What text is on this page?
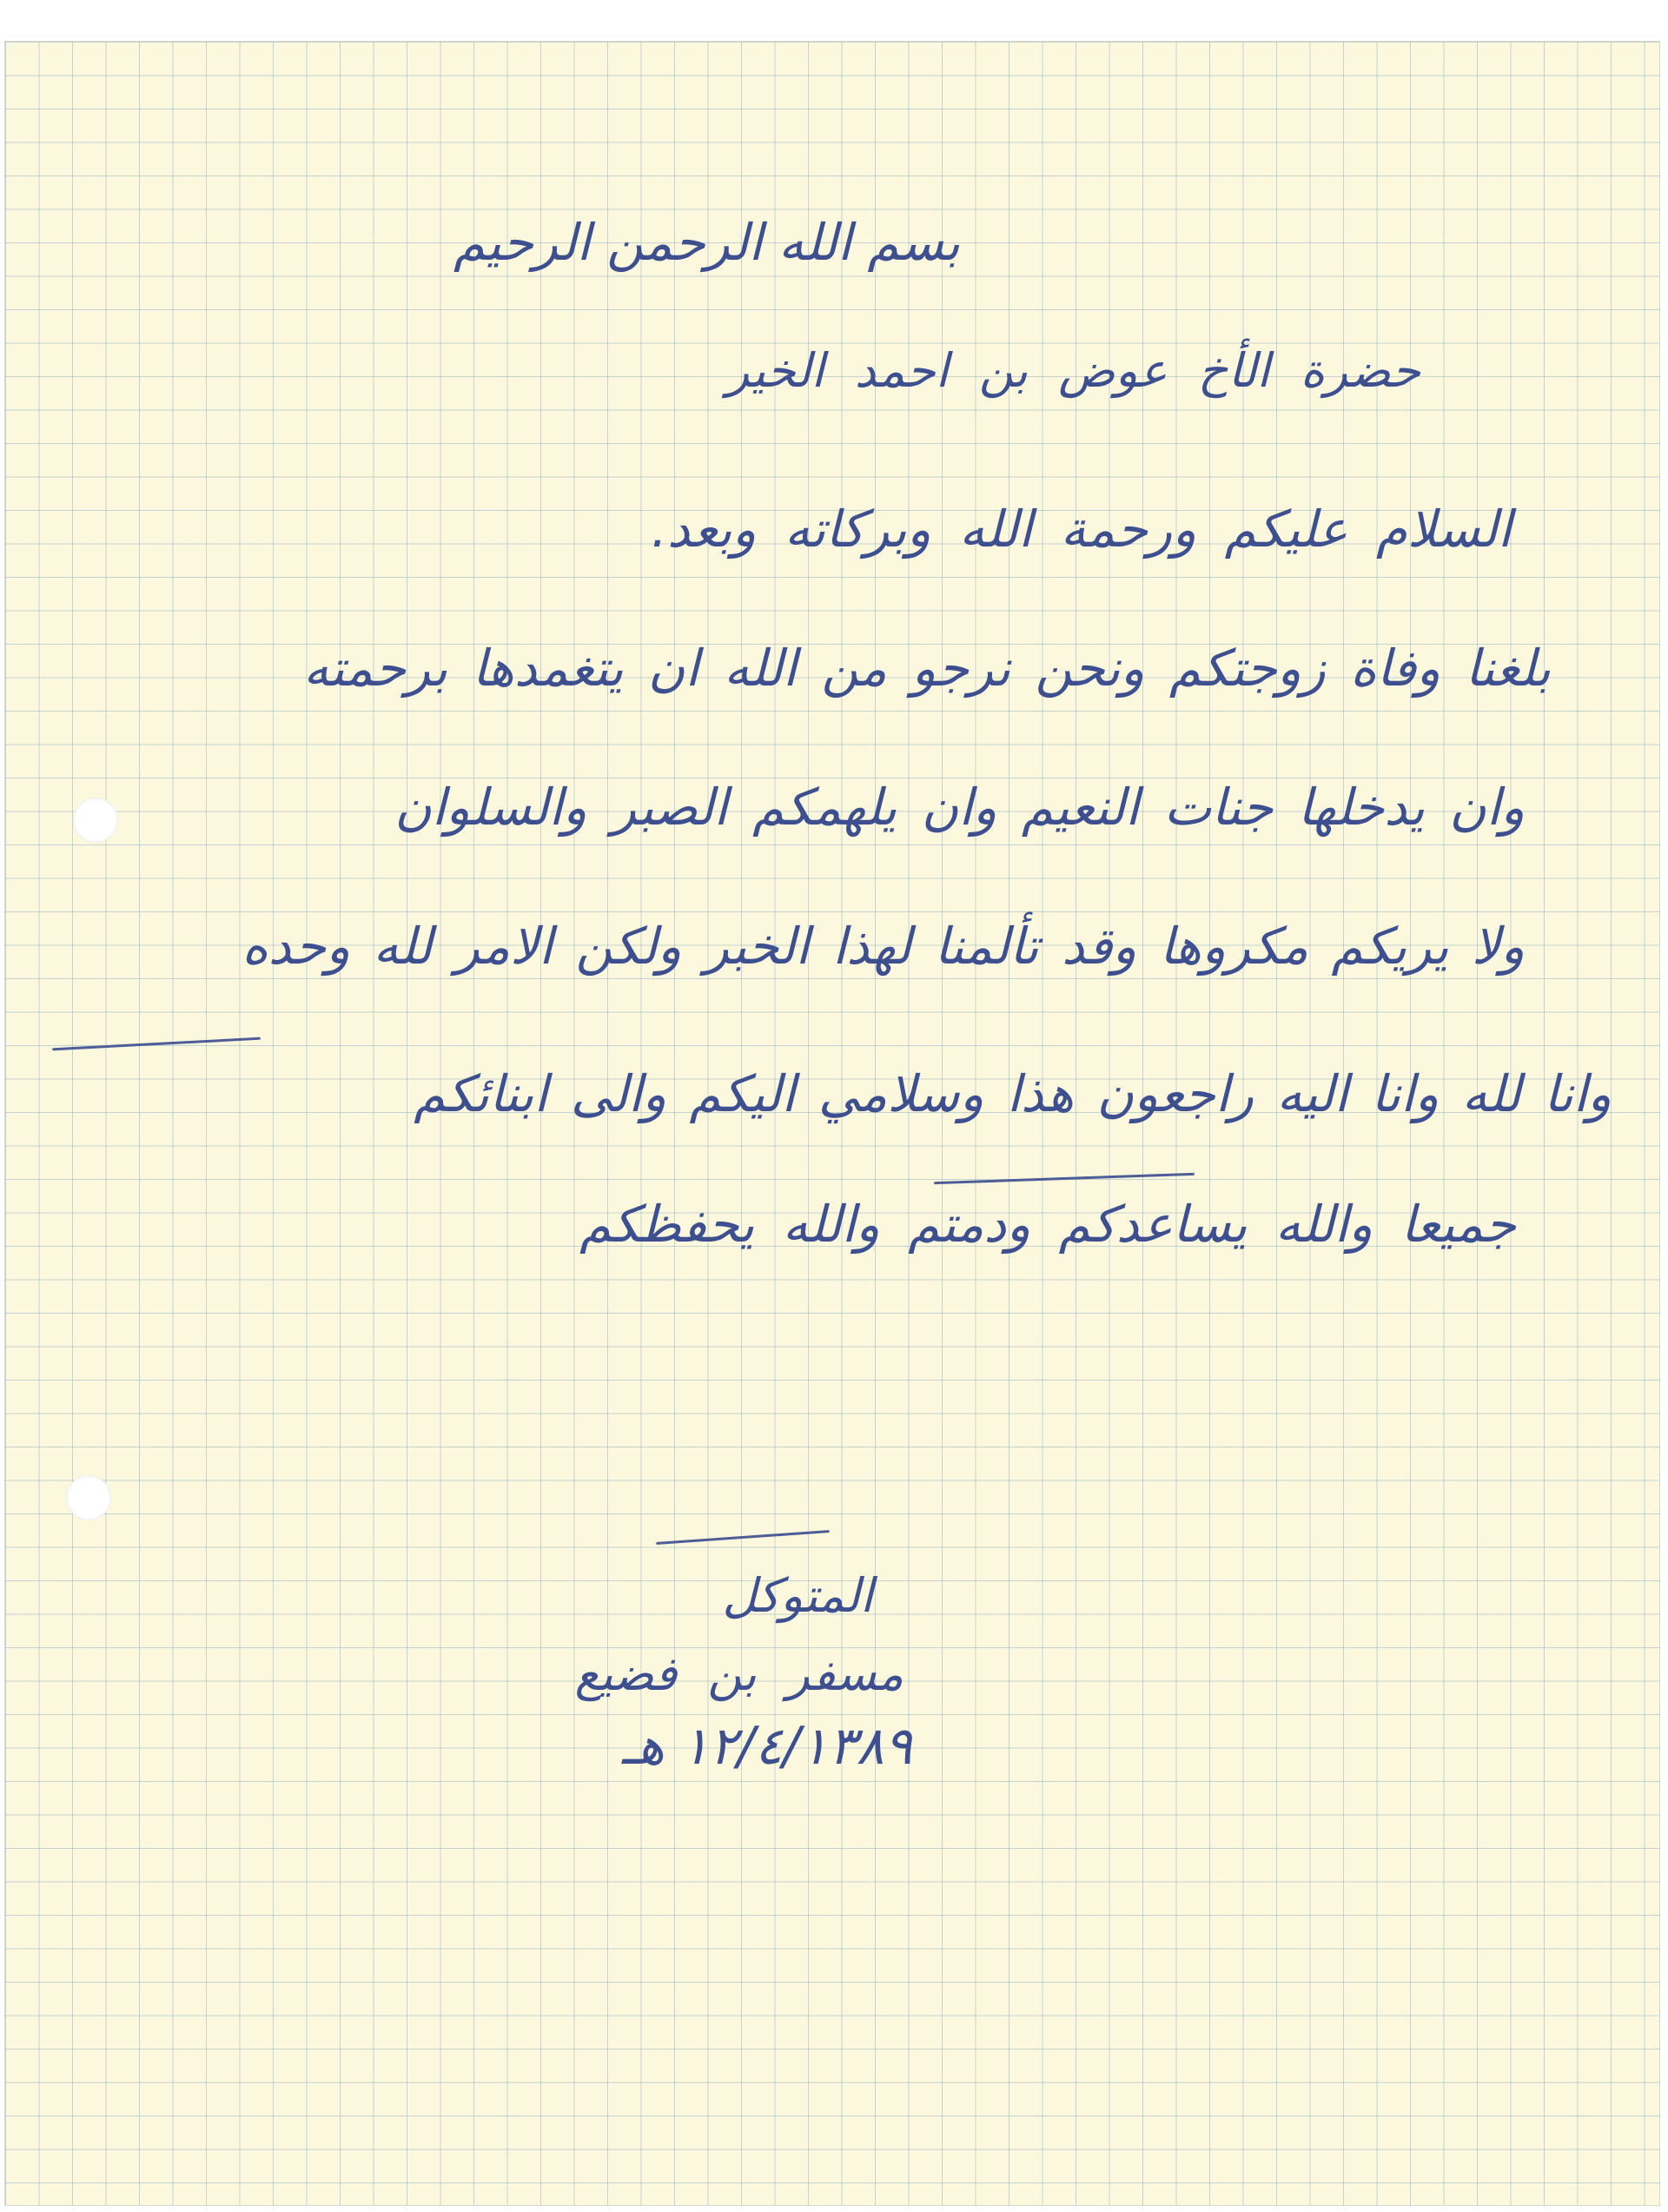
بسم الله الرحمن الرحيم
حضرة الأخ عوض بن احمد الخير
السلام عليكم ورحمة الله وبركاته وبعد.
بلغنا وفاة زوجتكم ونحن نرجو من الله ان يتغمدها برحمته
وان يدخلها جنات النعيم وان يلهمكم الصبر والسلوان
ولا يريكم مكروها وقد تألمنا لهذا الخبر ولكن الامر لله وحده
وانا لله وانا اليه راجعون هذا وسلامي اليكم والى ابنائكم
جميعا والله يساعدكم ودمتم والله يحفظكم
المتوكل
مسفر بن فضيع
١٢/٤/١٣٨٩ هـ
